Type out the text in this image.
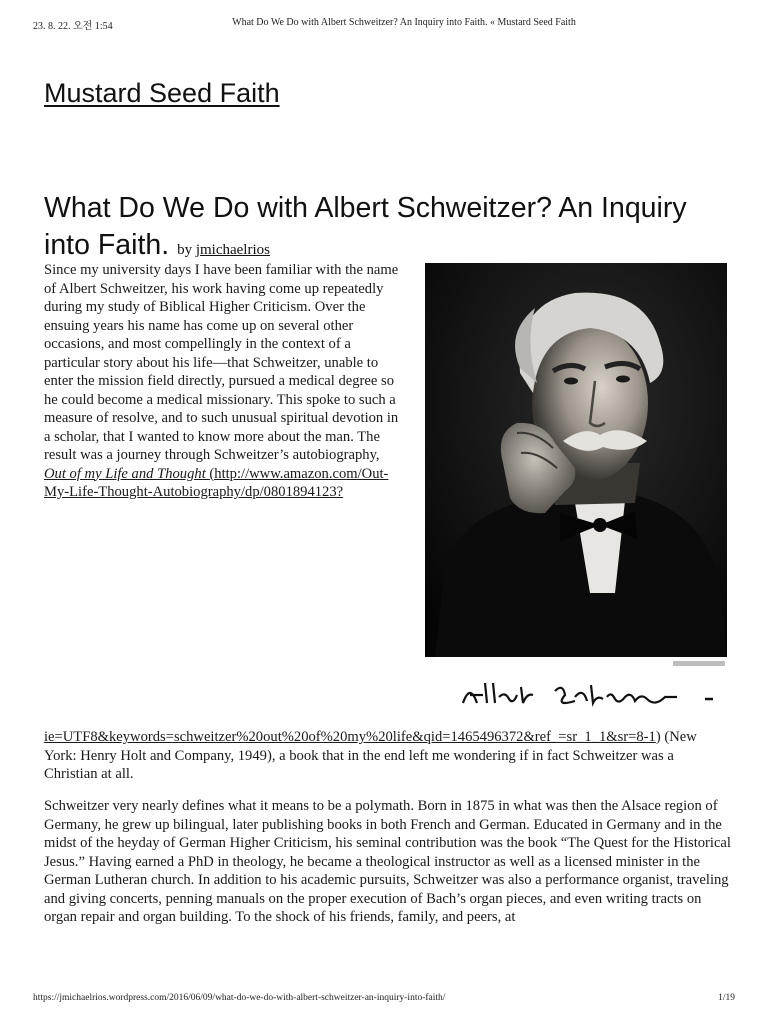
23. 8. 22. 오전 1:54	What Do We Do with Albert Schweitzer? An Inquiry into Faith. « Mustard Seed Faith
Mustard Seed Faith
What Do We Do with Albert Schweitzer? An Inquiry into Faith. by jmichaelrios

Since my university days I have been familiar with the name of Albert Schweitzer, his work having come up repeatedly during my study of Biblical Higher Criticism. Over the ensuing years his name has come up on several other occasions, and most compellingly in the context of a particular story about his life—that Schweitzer, unable to enter the mission field directly, pursued a medical degree so he could become a medical missionary. This spoke to such a measure of resolve, and to such unusual spiritual devotion in a scholar, that I wanted to know more about the man. The result was a journey through Schweitzer’s autobiography, Out of my Life and Thought (http://www.amazon.com/Out-My-Life-Thought-Autobiography/dp/0801894123?

ie=UTF8&keywords=schweitzer%20out%20of%20my%20life&qid=1465496372&ref_=sr_1_1&sr=8-1) (New York: Henry Holt and Company, 1949), a book that in the end left me wondering if in fact Schweitzer was a Christian at all.

Schweitzer very nearly defines what it means to be a polymath. Born in 1875 in what was then the Alsace region of Germany, he grew up bilingual, later publishing books in both French and German. Educated in Germany and in the midst of the heyday of German Higher Criticism, his seminal contribution was the book “The Quest for the Historical Jesus.” Having earned a PhD in theology, he became a theological instructor as well as a licensed minister in the German Lutheran church. In addition to his academic pursuits, Schweitzer was also a performance organist, traveling and giving concerts, penning manuals on the proper execution of Bach’s organ pieces, and even writing tracts on organ repair and organ building. To the shock of his friends, family, and peers, at

https://jmichaelrios.wordpress.com/2016/06/09/what-do-we-do-with-albert-schweitzer-an-inquiry-into-faith/	1/19
